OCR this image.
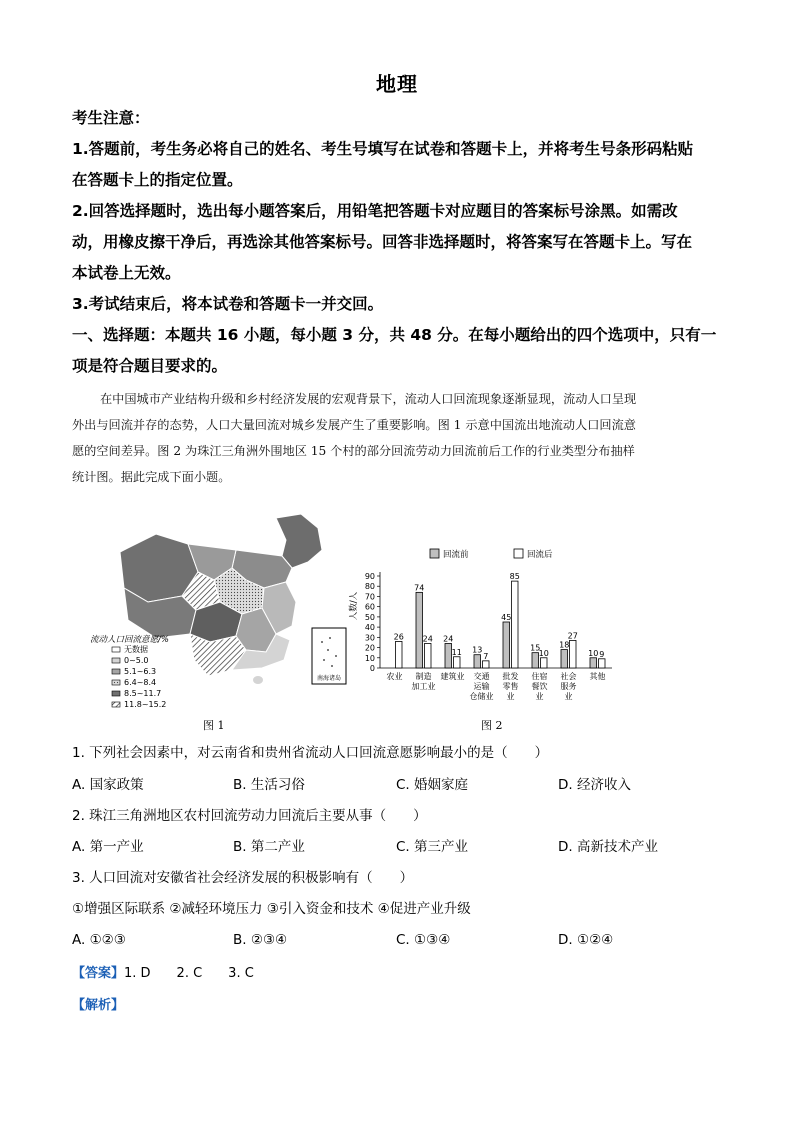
地理
考生注意：
1.答题前，考生务必将自己的姓名、考生号填写在试卷和答题卡上，并将考生号条形码粘贴
在答题卡上的指定位置。
2.回答选择题时，选出每小题答案后，用铅笔把答题卡对应题目的答案标号涂黑。如需改
动，用橡皮擦干净后，再选涂其他答案标号。回答非选择题时，将答案写在答题卡上。写在
本试卷上无效。
3.考试结束后，将本试卷和答题卡一并交回。
一、选择题：本题共 16 小题，每小题 3 分，共 48 分。在每小题给出的四个选项中，只有一
项是符合题目要求的。
在中国城市产业结构升级和乡村经济发展的宏观背景下，流动人口回流现象逐渐显现，流动人口呈现
外出与回流并存的态势，人口大量回流对城乡发展产生了重要影响。图 1 示意中国流出地流动人口回流意
愿的空间差异。图 2 为珠江三角洲外围地区 15 个村的部分回流劳动力回流前后工作的行业类型分布抽样
统计图。据此完成下面小题。
南海诸岛
流动人口回流意愿/%
无数据
0~5.0
5.1~6.3
6.4~8.4
8.5~11.7
11.8~15.2
图 1
回流前	回流后
0
10
20
30
40
50
60
70
80
90
人数/人
26
农业
74
24
制造
加工业
24
11
建筑业
13
7
交通
运输
仓储业
45
85
批发
零售
业
15
10
住宿
餐饮
业
18
27
社会
服务
业
10 9
其他
图 2
1. 下列社会因素中，对云南省和贵州省流动人口回流意愿影响最小的是（　　）
A. 国家政策	B. 生活习俗	C. 婚姻家庭	D. 经济收入
2. 珠江三角洲地区农村回流劳动力回流后主要从事（　　）
A. 第一产业	B. 第二产业	C. 第三产业	D. 高新技术产业
3. 人口回流对安徽省社会经济发展的积极影响有（　　）
①增强区际联系 ②减轻环境压力 ③引入资金和技术 ④促进产业升级
A. ①②③	B. ②③④	C. ①③④	D. ①②④
【答案】1. D　　2. C　　3. C
【解析】
